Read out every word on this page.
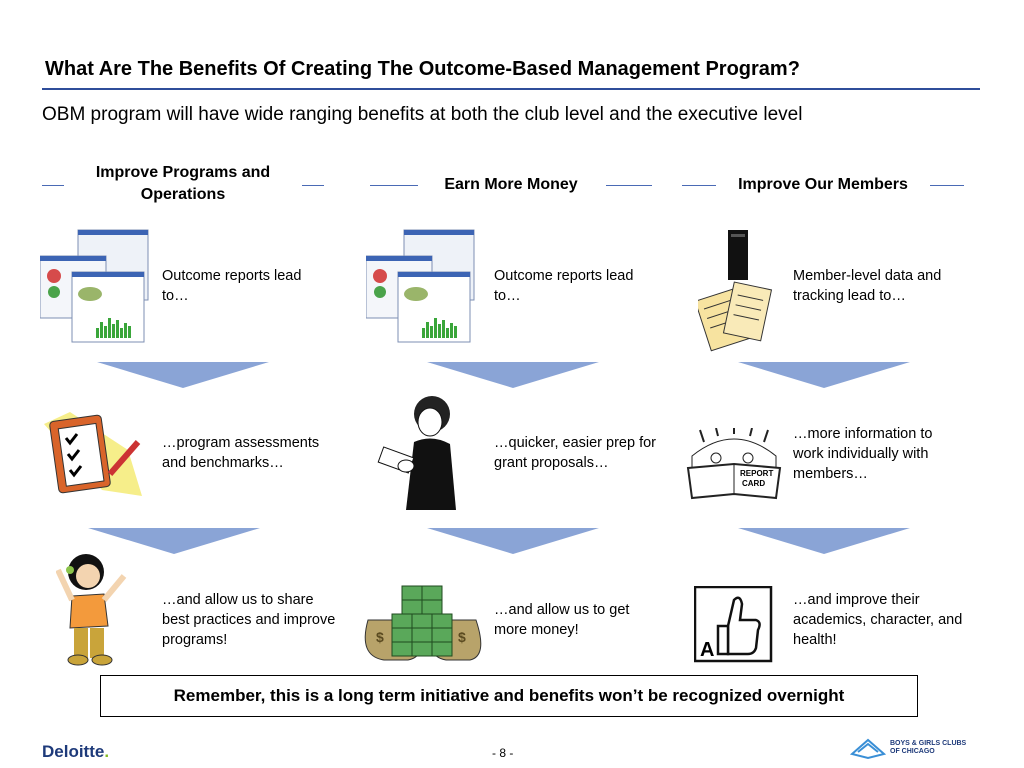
What Are The Benefits Of Creating The Outcome-Based Management Program?
OBM program will have wide ranging benefits at both the club level and the executive level
Improve Programs and Operations
Earn More Money	Improve Our Members
Outcome reports lead to…
Outcome reports lead to…
Member-level data and tracking lead to…
…program assessments and benchmarks…
…quicker, easier prep for grant proposals…
REPORT
CARD
…more information to work individually with members…
…and allow us to share best practices and improve programs!	$	$
…and allow us to get more money!
A
…and improve their academics, character, and health!
Remember, this is a long term initiative and benefits won’t be recognized overnight
Deloitte.	- 8 -
BOYS & GIRLS CLUBS
OF CHICAGO
